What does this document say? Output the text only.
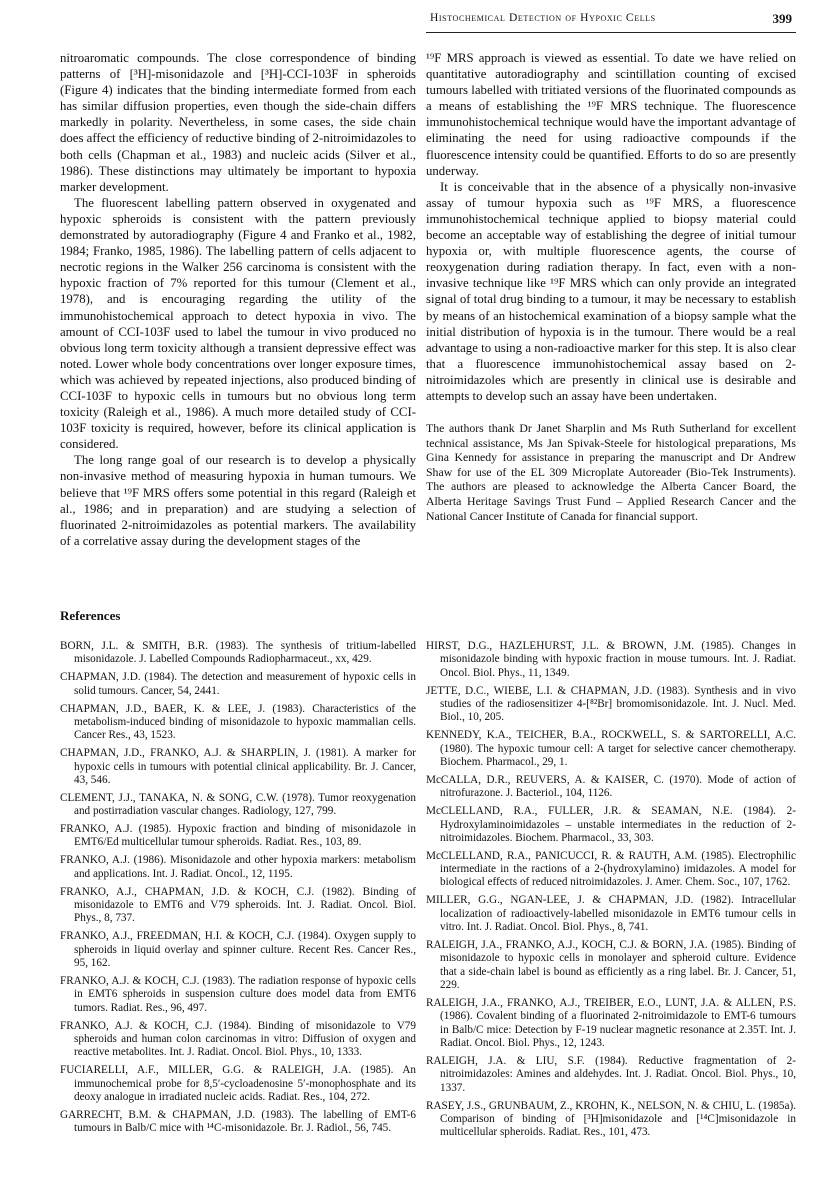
Histochemical Detection of Hypoxic Cells	399

nitroaromatic compounds. The close correspondence of binding patterns of [³H]-misonidazole and [³H]-CCI-103F in spheroids (Figure 4) indicates that the binding intermediate formed from each has similar diffusion properties, even though the side-chain differs markedly in polarity. Nevertheless, in some cases, the side chain does affect the efficiency of reductive binding of 2-nitroimidazoles to both cells (Chapman et al., 1983) and nucleic acids (Silver et al., 1986). These distinctions may ultimately be important to hypoxia marker development.

The fluorescent labelling pattern observed in oxygenated and hypoxic spheroids is consistent with the pattern previously demonstrated by autoradiography (Figure 4 and Franko et al., 1982, 1984; Franko, 1985, 1986). The labelling pattern of cells adjacent to necrotic regions in the Walker 256 carcinoma is consistent with the hypoxic fraction of 7% reported for this tumour (Clement et al., 1978), and is encouraging regarding the utility of the immunohistochemical approach to detect hypoxia in vivo. The amount of CCI-103F used to label the tumour in vivo produced no obvious long term toxicity although a transient depressive effect was noted. Lower whole body concentrations over longer exposure times, which was achieved by repeated injections, also produced binding of CCI-103F to hypoxic cells in tumours but no obvious long term toxicity (Raleigh et al., 1986). A much more detailed study of CCI-103F toxicity is required, however, before its clinical application is considered.

The long range goal of our research is to develop a physically non-invasive method of measuring hypoxia in human tumours. We believe that ¹⁹F MRS offers some potential in this regard (Raleigh et al., 1986; and in preparation) and are studying a selection of fluorinated 2-nitroimidazoles as potential markers. The availability of a correlative assay during the development stages of the

¹⁹F MRS approach is viewed as essential. To date we have relied on quantitative autoradiography and scintillation counting of excised tumours labelled with tritiated versions of the fluorinated compounds as a means of establishing the ¹⁹F MRS technique. The fluorescence immunohistochemical technique would have the important advantage of eliminating the need for using radioactive compounds if the fluorescence intensity could be quantified. Efforts to do so are presently underway.

It is conceivable that in the absence of a physically non-invasive assay of tumour hypoxia such as ¹⁹F MRS, a fluorescence immunohistochemical technique applied to biopsy material could become an acceptable way of establishing the degree of initial tumour hypoxia or, with multiple fluorescence agents, the course of reoxygenation during radiation therapy. In fact, even with a non-invasive technique like ¹⁹F MRS which can only provide an integrated signal of total drug binding to a tumour, it may be necessary to establish by means of an histochemical examination of a biopsy sample what the initial distribution of hypoxia is in the tumour. There would be a real advantage to using a non-radioactive marker for this step. It is also clear that a fluorescence immunohistochemical assay based on 2-nitroimidazoles which are presently in clinical use is desirable and attempts to develop such an assay have been undertaken.

The authors thank Dr Janet Sharplin and Ms Ruth Sutherland for excellent technical assistance, Ms Jan Spivak-Steele for histological preparations, Ms Gina Kennedy for assistance in preparing the manuscript and Dr Andrew Shaw for use of the EL 309 Microplate Autoreader (Bio-Tek Instruments). The authors are pleased to acknowledge the Alberta Cancer Board, the Alberta Heritage Savings Trust Fund – Applied Research Cancer and the National Cancer Institute of Canada for financial support.

References

BORN, J.L. & SMITH, B.R. (1983). The synthesis of tritium-labelled misonidazole. J. Labelled Compounds Radiopharmaceut., xx, 429.

CHAPMAN, J.D. (1984). The detection and measurement of hypoxic cells in solid tumours. Cancer, 54, 2441.

CHAPMAN, J.D., BAER, K. & LEE, J. (1983). Characteristics of the metabolism-induced binding of misonidazole to hypoxic mammalian cells. Cancer Res., 43, 1523.

CHAPMAN, J.D., FRANKO, A.J. & SHARPLIN, J. (1981). A marker for hypoxic cells in tumours with potential clinical applicability. Br. J. Cancer, 43, 546.

CLEMENT, J.J., TANAKA, N. & SONG, C.W. (1978). Tumor reoxygenation and postirradiation vascular changes. Radiology, 127, 799.

FRANKO, A.J. (1985). Hypoxic fraction and binding of misonidazole in EMT6/Ed multicellular tumour spheroids. Radiat. Res., 103, 89.

FRANKO, A.J. (1986). Misonidazole and other hypoxia markers: metabolism and applications. Int. J. Radiat. Oncol., 12, 1195.

FRANKO, A.J., CHAPMAN, J.D. & KOCH, C.J. (1982). Binding of misonidazole to EMT6 and V79 spheroids. Int. J. Radiat. Oncol. Biol. Phys., 8, 737.

FRANKO, A.J., FREEDMAN, H.I. & KOCH, C.J. (1984). Oxygen supply to spheroids in liquid overlay and spinner culture. Recent Res. Cancer Res., 95, 162.

FRANKO, A.J. & KOCH, C.J. (1983). The radiation response of hypoxic cells in EMT6 spheroids in suspension culture does model data from EMT6 tumors. Radiat. Res., 96, 497.

FRANKO, A.J. & KOCH, C.J. (1984). Binding of misonidazole to V79 spheroids and human colon carcinomas in vitro: Diffusion of oxygen and reactive metabolites. Int. J. Radiat. Oncol. Biol. Phys., 10, 1333.

FUCIARELLI, A.F., MILLER, G.G. & RALEIGH, J.A. (1985). An immunochemical probe for 8,5′-cycloadenosine 5′-monophosphate and its deoxy analogue in irradiated nucleic acids. Radiat. Res., 104, 272.

GARRECHT, B.M. & CHAPMAN, J.D. (1983). The labelling of EMT-6 tumours in Balb/C mice with ¹⁴C-misonidazole. Br. J. Radiol., 56, 745.

HIRST, D.G., HAZLEHURST, J.L. & BROWN, J.M. (1985). Changes in misonidazole binding with hypoxic fraction in mouse tumours. Int. J. Radiat. Oncol. Biol. Phys., 11, 1349.

JETTE, D.C., WIEBE, L.I. & CHAPMAN, J.D. (1983). Synthesis and in vivo studies of the radiosensitizer 4-[⁸²Br] bromomisonidazole. Int. J. Nucl. Med. Biol., 10, 205.

KENNEDY, K.A., TEICHER, B.A., ROCKWELL, S. & SARTORELLI, A.C. (1980). The hypoxic tumour cell: A target for selective cancer chemotherapy. Biochem. Pharmacol., 29, 1.

McCALLA, D.R., REUVERS, A. & KAISER, C. (1970). Mode of action of nitrofurazone. J. Bacteriol., 104, 1126.

McCLELLAND, R.A., FULLER, J.R. & SEAMAN, N.E. (1984). 2-Hydroxylaminoimidazoles – unstable intermediates in the reduction of 2-nitroimidazoles. Biochem. Pharmacol., 33, 303.

McCLELLAND, R.A., PANICUCCI, R. & RAUTH, A.M. (1985). Electrophilic intermediate in the ractions of a 2-(hydroxylamino) imidazoles. A model for biological effects of reduced nitroimidazoles. J. Amer. Chem. Soc., 107, 1762.

MILLER, G.G., NGAN-LEE, J. & CHAPMAN, J.D. (1982). Intracellular localization of radioactively-labelled misonidazole in EMT6 tumour cells in vitro. Int. J. Radiat. Oncol. Biol. Phys., 8, 741.

RALEIGH, J.A., FRANKO, A.J., KOCH, C.J. & BORN, J.A. (1985). Binding of misonidazole to hypoxic cells in monolayer and spheroid culture. Evidence that a side-chain label is bound as efficiently as a ring label. Br. J. Cancer, 51, 229.

RALEIGH, J.A., FRANKO, A.J., TREIBER, E.O., LUNT, J.A. & ALLEN, P.S. (1986). Covalent binding of a fluorinated 2-nitroimidazole to EMT-6 tumours in Balb/C mice: Detection by F-19 nuclear magnetic resonance at 2.35T. Int. J. Radiat. Oncol. Biol. Phys., 12, 1243.

RALEIGH, J.A. & LIU, S.F. (1984). Reductive fragmentation of 2-nitroimidazoles: Amines and aldehydes. Int. J. Radiat. Oncol. Biol. Phys., 10, 1337.

RASEY, J.S., GRUNBAUM, Z., KROHN, K., NELSON, N. & CHIU, L. (1985a). Comparison of binding of [³H]misonidazole and [¹⁴C]misonidazole in multicellular spheroids. Radiat. Res., 101, 473.
